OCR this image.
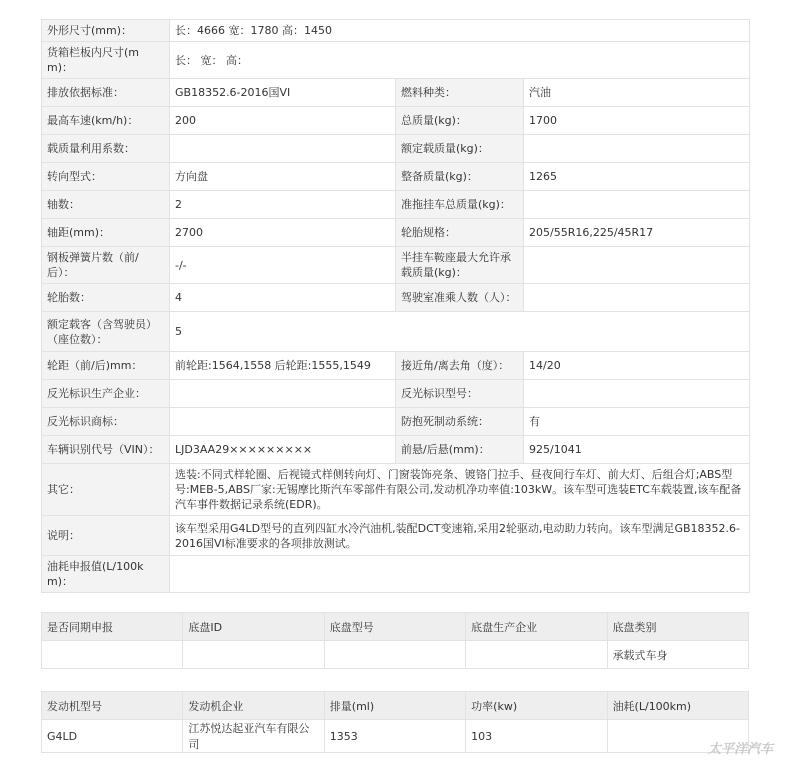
外形尺寸(mm)：	长：4666 宽：1780 高：1450		
货箱栏板内尺寸(mm)：	长： 宽： 高：		
排放依据标准：	GB18352.6-2016国VI	燃料种类：	汽油
最高车速(km/h)：	200	总质量(kg)：	1700
载质量利用系数：		额定载质量(kg)：	
转向型式：	方向盘	整备质量(kg)：	1265
轴数：	2	准拖挂车总质量(kg)：	
轴距(mm)：	2700	轮胎规格：	205/55R16,225/45R17
钢板弹簧片数（前/后）：	-/-	半挂车鞍座最大允许承载质量(kg)：	
轮胎数：	4	驾驶室准乘人数（人）：	
额定载客（含驾驶员）（座位数）：	5		
轮距（前/后)mm：	前轮距:1564,1558 后轮距:1555,1549	接近角/离去角（度）：	14/20
反光标识生产企业：		反光标识型号：	
反光标识商标：		防抱死制动系统：	有
车辆识别代号（VIN）：	LJD3AA29×××××××××	前悬/后悬(mm)：	925/1041
其它：	选装:不同式样轮圈、后视镜式样侧转向灯、门窗装饰亮条、镀铬门拉手、昼夜间行车灯、前大灯、后组合灯;ABS型号:MEB-5,ABS厂家:无锡摩比斯汽车零部件有限公司,发动机净功率值:103kW。该车型可选装ETC车载装置,该车配备汽车事件数据记录系统(EDR)。		
说明：	该车型采用G4LD型号的直列四缸水冷汽油机,装配DCT变速箱,采用2轮驱动,电动助力转向。该车型满足GB18352.6-2016国VI标准要求的各项排放测试。		
油耗申报值(L/100km)：			
是否同期申报	底盘ID	底盘型号	底盘生产企业	底盘类别
				承载式车身
发动机型号	发动机企业	排量(ml)	功率(kw)	油耗(L/100km)
G4LD	江苏悦达起亚汽车有限公司	1353	103	
太平洋汽车
